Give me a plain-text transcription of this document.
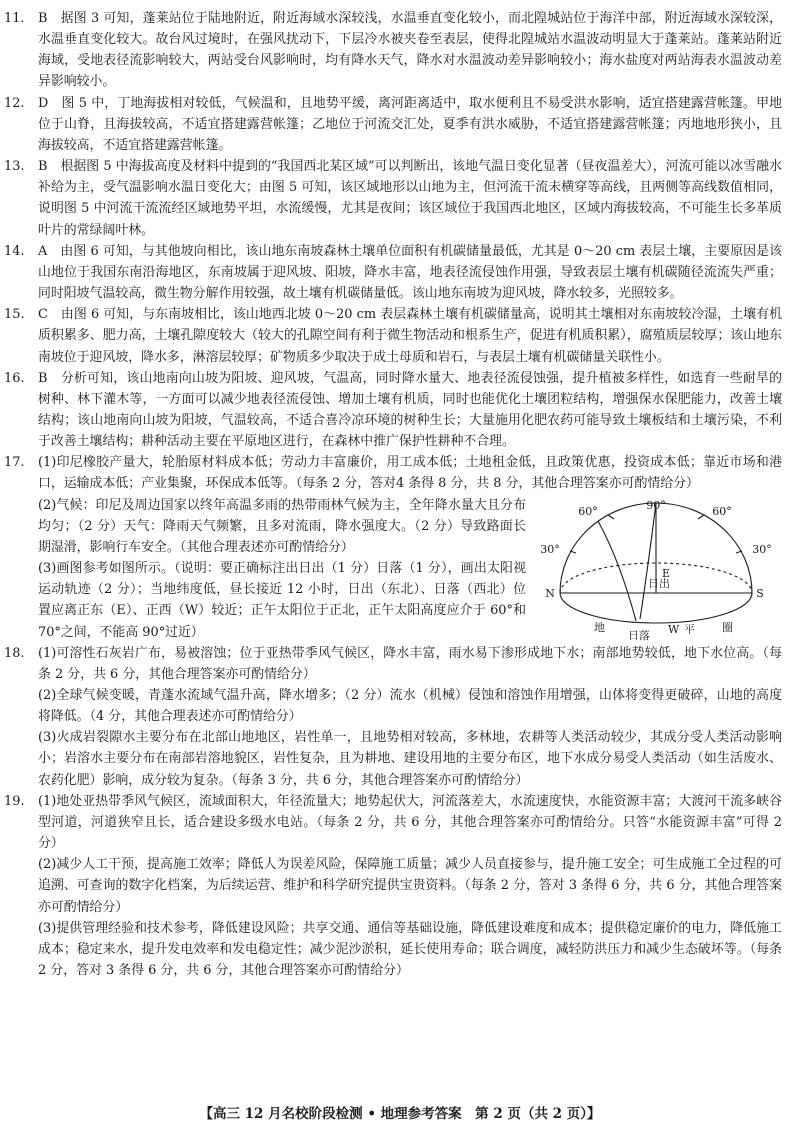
11. B　据图 3 可知，蓬莱站位于陆地附近，附近海域水深较浅，水温垂直变化较小，而北隍城站位于海洋中部，附近海域水深较深，水温垂直变化较大。故台风过境时，在强风扰动下，下层冷水被夹卷至表层，使得北隍城站水温波动明显大于蓬莱站。蓬莱站附近海域，受地表径流影响较大，两站受台风影响时，均有降水天气，降水对水温波动差异影响较小；海水盐度对两站海表水温波动差异影响较小。

12. D　图 5 中，丁地海拔相对较低，气候温和，且地势平缓，离河距离适中，取水便利且不易受洪水影响，适宜搭建露营帐篷。甲地位于山脊，且海拔较高，不适宜搭建露营帐篷；乙地位于河流交汇处，夏季有洪水威胁，不适宜搭建露营帐篷；丙地地形狭小，且海拔较高，不适宜搭建露营帐篷。

13. B　根据图 5 中海拔高度及材料中提到的“我国西北某区域”可以判断出，该地气温日变化显著（昼夜温差大），河流可能以冰雪融水补给为主，受气温影响水温日变化大；由图 5 可知，该区域地形以山地为主，但河流干流未横穿等高线，且两侧等高线数值相同，说明图 5 中河流干流流经区域地势平坦，水流缓慢，尤其是夜间；该区域位于我国西北地区，区域内海拔较高，不可能生长多革质叶片的常绿阔叶林。

14. A　由图 6 可知，与其他坡向相比，该山地东南坡森林土壤单位面积有机碳储量最低，尤其是 0～20 cm 表层土壤，主要原因是该山地位于我国东南沿海地区，东南坡属于迎风坡、阳坡，降水丰富，地表径流侵蚀作用强，导致表层土壤有机碳随径流流失严重；同时阳坡气温较高，微生物分解作用较强，故土壤有机碳储量低。该山地东南坡为迎风坡，降水较多，光照较多。

15. C　由图 6 可知，与东南坡相比，该山地西北坡 0～20 cm 表层森林土壤有机碳储量高，说明其土壤相对东南坡较冷湿，土壤有机质积累多、肥力高，土壤孔隙度较大（较大的孔隙空间有利于微生物活动和根系生产，促进有机质积累），腐殖质层较厚；该山地东南坡位于迎风坡，降水多，淋溶层较厚；矿物质多少取决于成土母质和岩石，与表层土壤有机碳储量关联性小。

16. B　分析可知，该山地南向山坡为阳坡、迎风坡，气温高，同时降水量大、地表径流侵蚀强，提升植被多样性，如选育一些耐旱的树种、林下灌木等，一方面可以减少地表径流侵蚀、增加土壤有机质，同时也能优化土壤团粒结构，增强保水保肥能力，改善土壤结构；该山地南向山坡为阳坡，气温较高，不适合喜冷凉环境的树种生长；大量施用化肥农药可能导致土壤板结和土壤污染，不利于改善土壤结构；耕种活动主要在平原地区进行，在森林中推广保护性耕种不合理。

17. (1)印尼橡胶产量大，轮胎原材料成本低；劳动力丰富廉价，用工成本低；土地租金低，且政策优惠，投资成本低；靠近市场和港口，运输成本低；产业集聚，环保成本低等。（每条 2 分，答对4 条得 8 分，共 8 分，其他合理答案亦可酌情给分）

(2)气候：印尼及周边国家以终年高温多雨的热带雨林气候为主，全年降水量大且分布均匀；（2 分）天气：降雨天气频繁，且多对流雨，降水强度大。（2 分）导致路面长期湿滑，影响行车安全。（其他合理表述亦可酌情给分）

(3)画图参考如图所示。（说明：要正确标注出日出（1 分）日落（1 分），画出太阳视运动轨迹（2 分）；当地纬度低，昼长接近 12 小时，日出（东北）、日落（西北）位置应离正东（E）、正西（W）较近；正午太阳位于正北，正午太阳高度应介于 60°和 70°之间，不能高 90°过近）

90°
60°	60°
30°	30°
E
日出
N	S
地
日落 W 平 圈
18. (1)可溶性石灰岩广布，易被溶蚀；位于亚热带季风气候区，降水丰富，雨水易下渗形成地下水；南部地势较低，地下水位高。（每条 2 分，共 6 分，其他合理答案亦可酌情给分）

(2)全球气候变暖，青蓬水流域气温升高，降水增多；（2 分）流水（机械）侵蚀和溶蚀作用增强，山体将变得更破碎，山地的高度将降低。（4 分，其他合理表述亦可酌情给分）

(3)火成岩裂隙水主要分布在北部山地地区，岩性单一，且地势相对较高，多林地，农耕等人类活动较少，其成分受人类活动影响小；岩溶水主要分布在南部岩溶地貌区，岩性复杂，且为耕地、建设用地的主要分布区，地下水成分易受人类活动（如生活废水、农药化肥）影响，成分较为复杂。（每条 3 分，共 6 分，其他合理答案亦可酌情给分）

19. (1)地处亚热带季风气候区，流域面积大，年径流量大；地势起伏大，河流落差大，水流速度快，水能资源丰富；大渡河干流多峡谷型河道，河道狭窄且长，适合建设多级水电站。（每条 2 分，共 6 分，其他合理答案亦可酌情给分。只答“水能资源丰富”可得 2 分）

(2)减少人工干预，提高施工效率；降低人为误差风险，保障施工质量；减少人员直接参与，提升施工安全；可生成施工全过程的可追溯、可查询的数字化档案，为后续运营、维护和科学研究提供宝贵资料。（每条 2 分，答对 3 条得 6 分，共 6 分，其他合理答案亦可酌情给分）

(3)提供管理经验和技术参考，降低建设风险；共享交通、通信等基础设施，降低建设难度和成本；提供稳定廉价的电力，降低施工成本；稳定来水，提升发电效率和发电稳定性；减少泥沙淤积，延长使用寿命；联合调度，减轻防洪压力和减少生态破坏等。（每条 2 分，答对 3 条得 6 分，共 6 分，其他合理答案亦可酌情给分）

【高三 12 月名校阶段检测 • 地理参考答案　第 2 页（共 2 页）】
